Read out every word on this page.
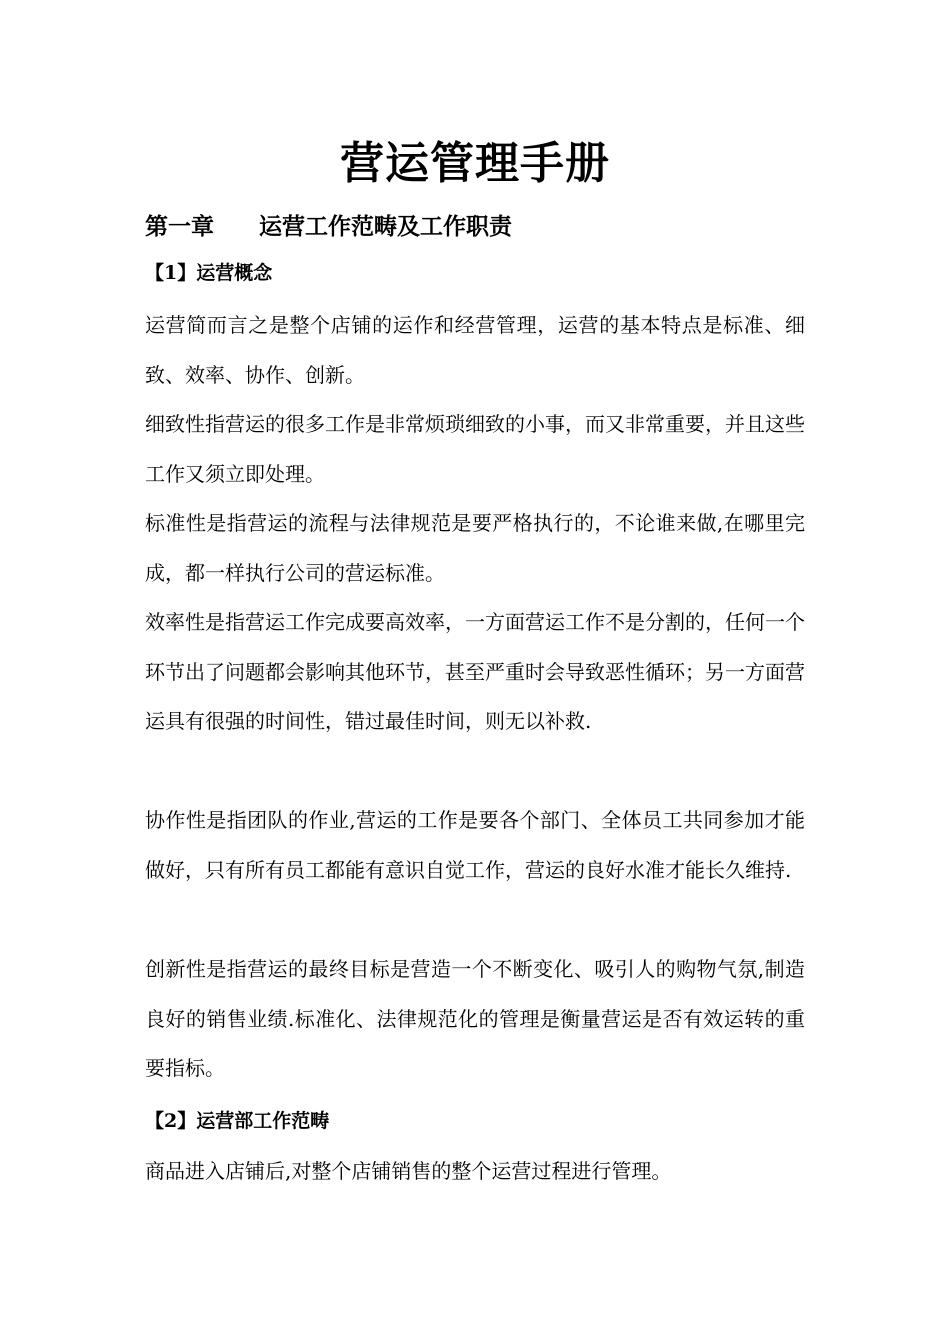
营运管理手册
第一章 运营工作范畴及工作职责
【1】运营概念

运营简而言之是整个店铺的运作和经营管理，运营的基本特点是标准、细致、效率、协作、创新。

细致性指营运的很多工作是非常烦琐细致的小事，而又非常重要，并且这些工作又须立即处理。

标准性是指营运的流程与法律规范是要严格执行的，不论谁来做,在哪里完成，都一样执行公司的营运标准。

效率性是指营运工作完成要高效率，一方面营运工作不是分割的，任何一个环节出了问题都会影响其他环节，甚至严重时会导致恶性循环；另一方面营运具有很强的时间性，错过最佳时间，则无以补救.

协作性是指团队的作业,营运的工作是要各个部门、全体员工共同参加才能做好，只有所有员工都能有意识自觉工作，营运的良好水准才能长久维持.

创新性是指营运的最终目标是营造一个不断变化、吸引人的购物气氛,制造良好的销售业绩.标准化、法律规范化的管理是衡量营运是否有效运转的重要指标。

【2】运营部工作范畴

商品进入店铺后,对整个店铺销售的整个运营过程进行管理。
